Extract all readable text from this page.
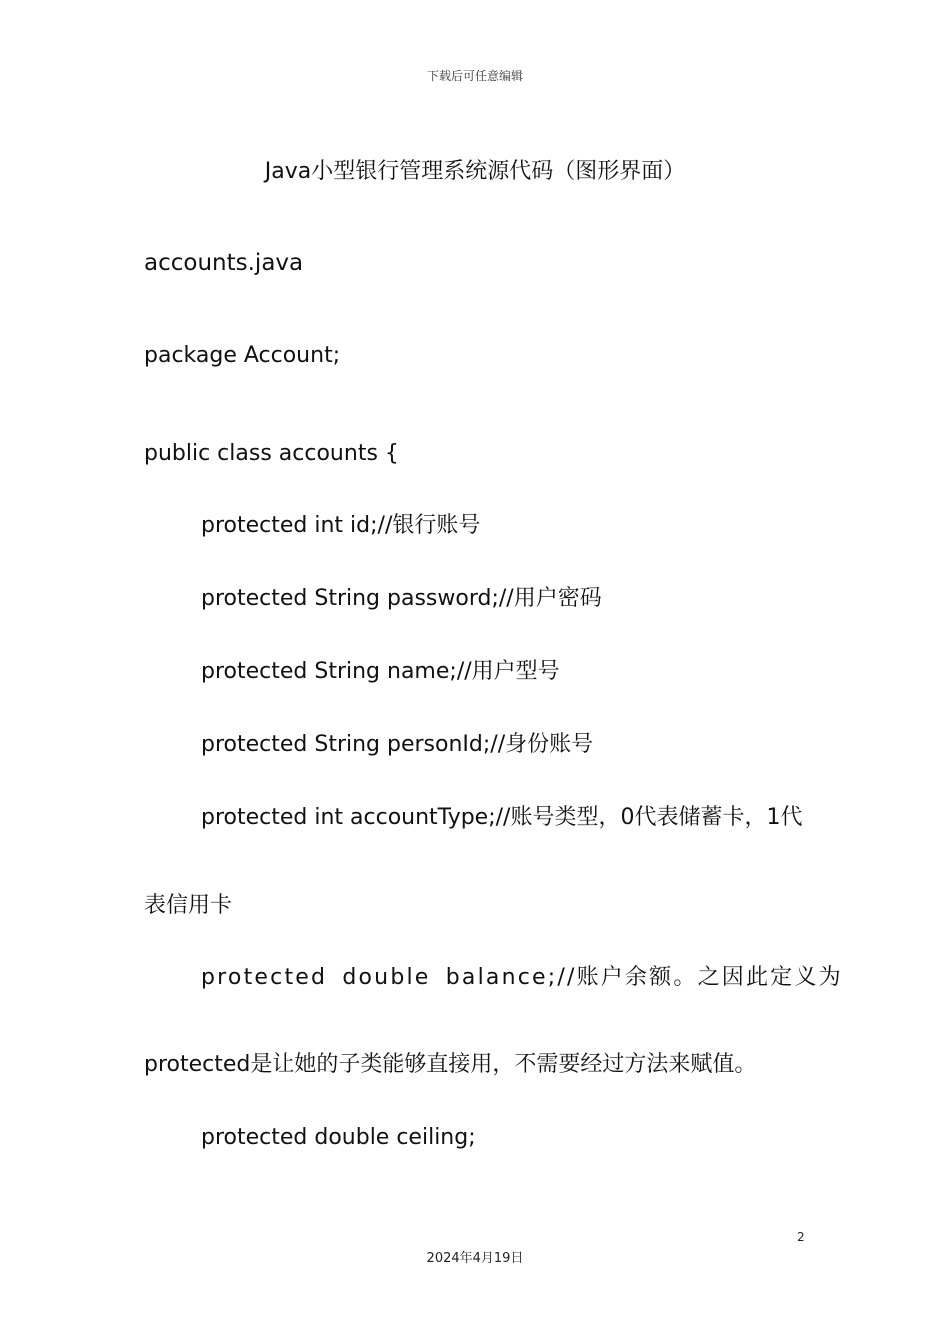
下载后可任意编辑
Java小型银行管理系统源代码（图形界面）
accounts.java
package Account;
public class accounts {
protected int id;//银行账号
protected String password;//用户密码
protected String name;//用户型号
protected String personId;//身份账号
protected int accountType;//账号类型，0代表储蓄卡，1代
表信用卡
protected double balance;//账户余额。之因此定义为
protected是让她的子类能够直接用，不需要经过方法来赋值。
protected double ceiling;
2
2024年4月19日
